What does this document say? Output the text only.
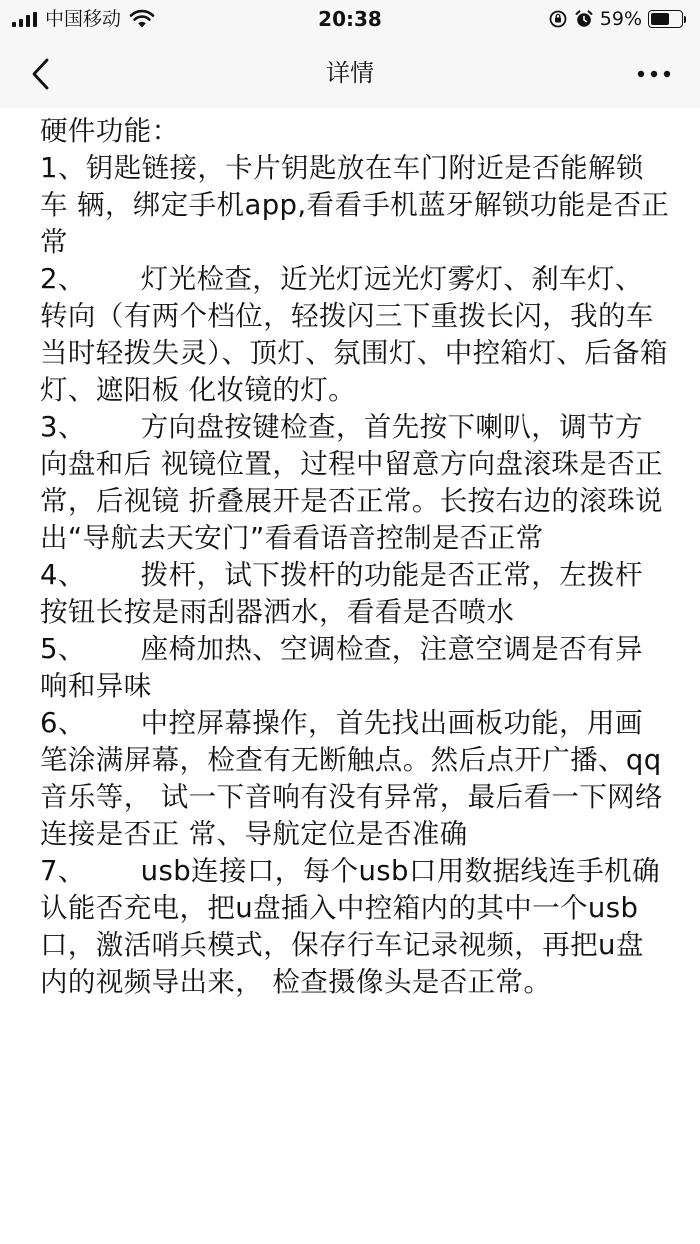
中国移动	20:38	59%
详情

硬件功能：

1、钥匙链接，卡片钥匙放在车门附近是否能解锁车 辆，绑定手机app,看看手机蓝牙解锁功能是否正常

2、      灯光检查，近光灯远光灯雾灯、刹车灯、转向（有两个档位，轻拨闪三下重拨长闪，我的车当时轻拨失灵）、顶灯、氛围灯、中控箱灯、后备箱灯、遮阳板 化妆镜的灯。

3、      方向盘按键检查，首先按下喇叭，调节方向盘和后 视镜位置，过程中留意方向盘滚珠是否正常，后视镜 折叠展开是否正常。长按右边的滚珠说出“导航去天安门”看看语音控制是否正常

4、      拨杆，试下拨杆的功能是否正常，左拨杆按钮长按是雨刮器洒水，看看是否喷水

5、      座椅加热、空调检查，注意空调是否有异响和异味

6、      中控屏幕操作，首先找出画板功能，用画笔涂满屏幕，检查有无断触点。然后点开广播、qq音乐等， 试一下音响有没有异常，最后看一下网络连接是否正 常、导航定位是否准确

7、      usb连接口，每个usb口用数据线连手机确认能否充电，把u盘插入中控箱内的其中一个usb口，激活哨兵模式，保存行车记录视频，再把u盘内的视频导出来， 检查摄像头是否正常。
